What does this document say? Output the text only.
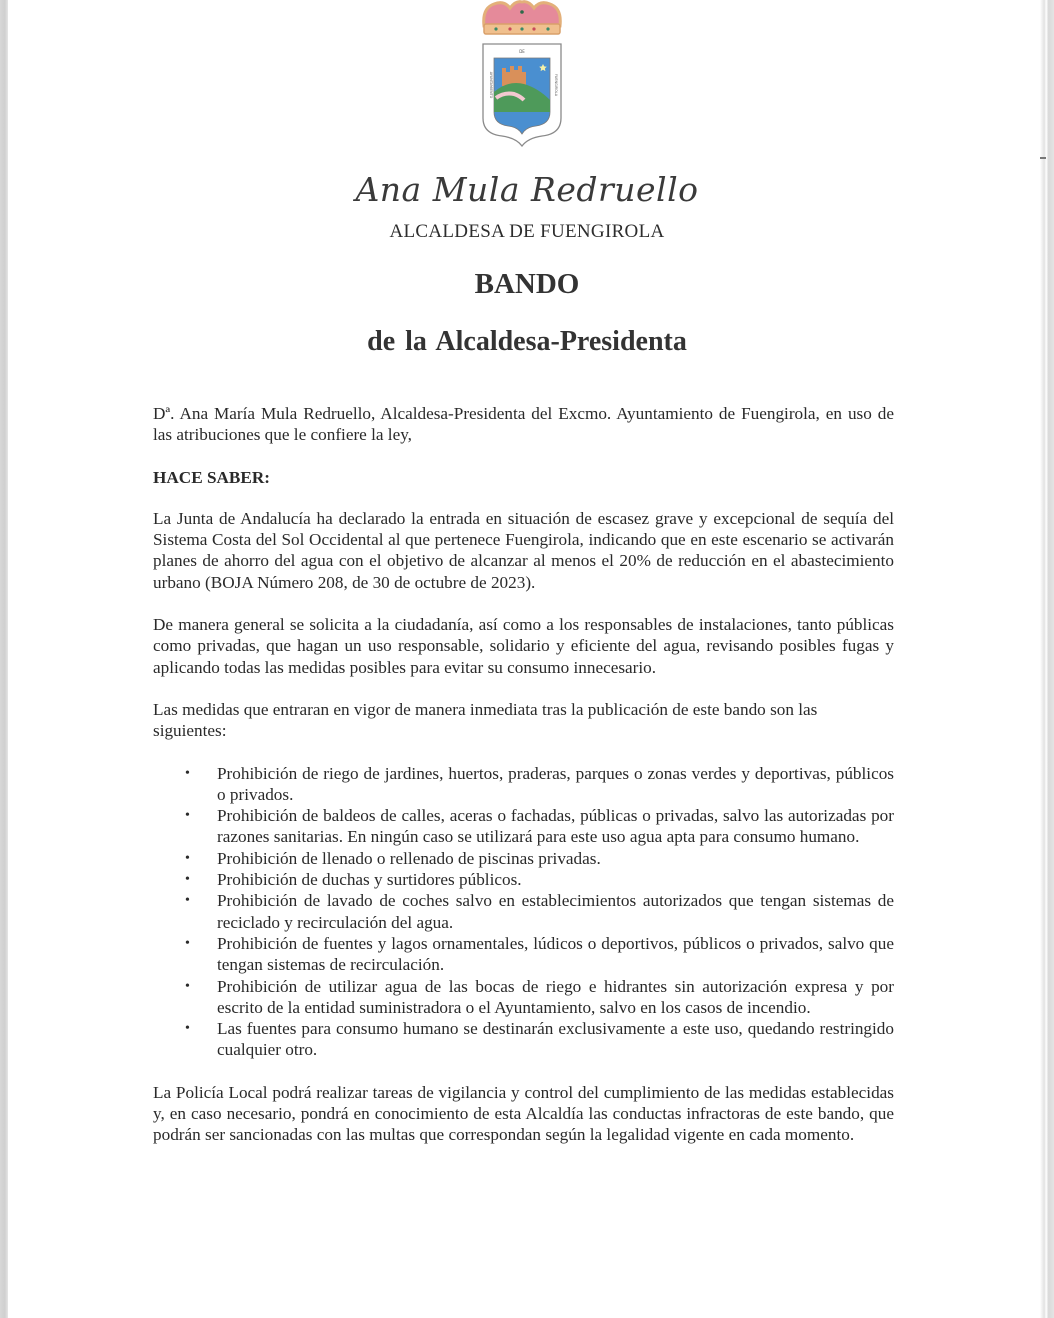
DE
AYUNTAMIENTO	FUENGIROLA
Ana Mula Redruello
ALCALDESA DE FUENGIROLA
BANDO
de la Alcaldesa-Presidenta

Dª. Ana María Mula Redruello, Alcaldesa-Presidenta del Excmo. Ayuntamiento de Fuengirola, en uso de las atribuciones que le confiere la ley,

HACE SABER:

La Junta de Andalucía ha declarado la entrada en situación de escasez grave y excepcional de sequía del Sistema Costa del Sol Occidental al que pertenece Fuengirola, indicando que en este escenario se activarán planes de ahorro del agua con el objetivo de alcanzar al menos el 20% de reducción en el abastecimiento urbano (BOJA Número 208, de 30 de octubre de 2023).

De manera general se solicita a la ciudadanía, así como a los responsables de instalaciones, tanto públicas como privadas, que hagan un uso responsable, solidario y eficiente del agua, revisando posibles fugas y aplicando todas las medidas posibles para evitar su consumo innecesario.

Las medidas que entraran en vigor de manera inmediata tras la publicación de este bando son las siguientes:

• Prohibición de riego de jardines, huertos, praderas, parques o zonas verdes y deportivas, públicos o privados.
• Prohibición de baldeos de calles, aceras o fachadas, públicas o privadas, salvo las autorizadas por razones sanitarias. En ningún caso se utilizará para este uso agua apta para consumo humano.
• Prohibición de llenado o rellenado de piscinas privadas.
• Prohibición de duchas y surtidores públicos.
• Prohibición de lavado de coches salvo en establecimientos autorizados que tengan sistemas de reciclado y recirculación del agua.
• Prohibición de fuentes y lagos ornamentales, lúdicos o deportivos, públicos o privados, salvo que tengan sistemas de recirculación.
• Prohibición de utilizar agua de las bocas de riego e hidrantes sin autorización expresa y por escrito de la entidad suministradora o el Ayuntamiento, salvo en los casos de incendio.
• Las fuentes para consumo humano se destinarán exclusivamente a este uso, quedando restringido cualquier otro.

La Policía Local podrá realizar tareas de vigilancia y control del cumplimiento de las medidas establecidas y, en caso necesario, pondrá en conocimiento de esta Alcaldía las conductas infractoras de este bando, que podrán ser sancionadas con las multas que correspondan según la legalidad vigente en cada momento.
